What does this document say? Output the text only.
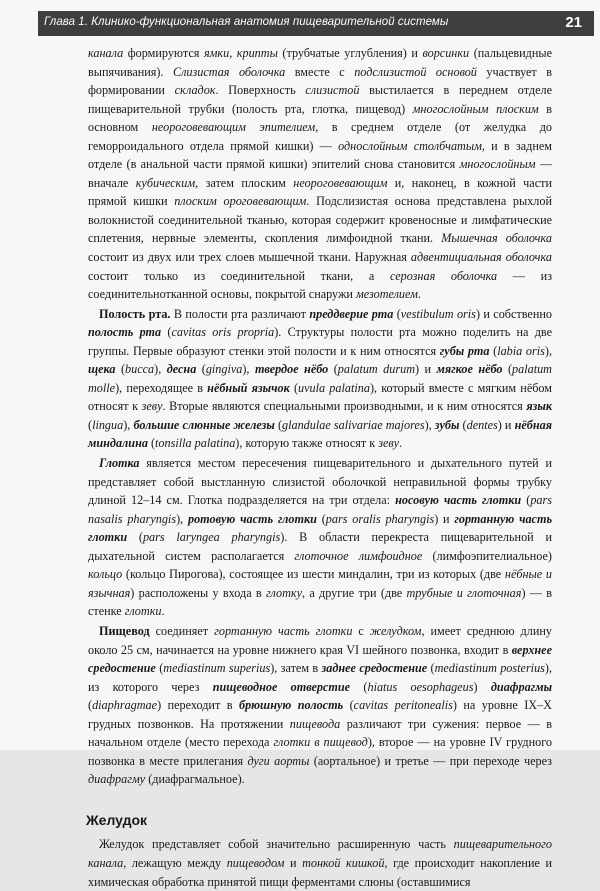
Глава 1. Клинико-функциональная анатомия пищеварительной системы	21

канала формируются ямки, крипты (трубчатые углубления) и ворсинки (пальцевидные выпячивания). Слизистая оболочка вместе с подслизистой основой участвует в формировании складок. Поверхность слизистой выстилается в переднем отделе пищеварительной трубки (полость рта, глотка, пищевод) многослойным плоским в основном неороговевающим эпителием, в среднем отделе (от желудка до геморроидального отдела прямой кишки) — однослойным столбчатым, и в заднем отделе (в анальной части прямой кишки) эпителий снова становится многослойным — вначале кубическим, затем плоским неороговевающим и, наконец, в кожной части прямой кишки плоским ороговевающим. Подслизистая основа представлена рыхлой волокнистой соединительной тканью, которая содержит кровеносные и лимфатические сплетения, нервные элементы, скопления лимфоидной ткани. Мышечная оболочка состоит из двух или трех слоев мышечной ткани. Наружная адвентициальная оболочка состоит только из соединительной ткани, а серозная оболочка — из соединительнотканной основы, покрытой снаружи мезотелием.

Полость рта. В полости рта различают преддверие рта (vestibulum oris) и собственно полость рта (cavitas oris propria). Структуры полости рта можно поделить на две группы. Первые образуют стенки этой полости и к ним относятся губы рта (labia oris), щека (bucca), десна (gingiva), твердое нёбо (palatum durum) и мягкое нёбо (palatum molle), переходящее в нёбный язычок (uvula palatina), который вместе с мягким нёбом относят к зеву. Вторые являются специальными производными, и к ним относятся язык (lingua), большие слюнные железы (glandulae salivariae majores), зубы (dentes) и нёбная миндалина (tonsilla palatina), которую также относят к зеву.

Глотка является местом пересечения пищеварительного и дыхательного путей и представляет собой выстланную слизистой оболочкой неправильной формы трубку длиной 12–14 см. Глотка подразделяется на три отдела: носовую часть глотки (pars nasalis pharyngis), ротовую часть глотки (pars oralis pharyngis) и гортанную часть глотки (pars laryngea pharyngis). В области перекреста пищеварительной и дыхательной систем располагается глоточное лимфоидное (лимфоэпителиальное) кольцо (кольцо Пирогова), состоящее из шести миндалин, три из которых (две нёбные и язычная) расположены у входа в глотку, а другие три (две трубные и глоточная) — в стенке глотки.

Пищевод соединяет гортанную часть глотки с желудком, имеет среднюю длину около 25 см, начинается на уровне нижнего края VI шейного позвонка, входит в верхнее средостение (mediastinum superius), затем в заднее средостение (mediastinum posterius), из которого через пищеводное отверстие (hiatus oesophageus) диафрагмы (diaphragmae) переходит в брюшную полость (cavitas peritonealis) на уровне IX–X грудных позвонков. На протяжении пищевода различают три сужения: первое — в начальном отделе (место перехода глотки в пищевод), второе — на уровне IV грудного позвонка в месте прилегания дуги аорты (аортальное) и третье — при переходе через диафрагму (диафрагмальное).

Желудок

Желудок представляет собой значительно расширенную часть пищеварительного канала, лежащую между пищеводом и тонкой кишкой, где происходит накопление и химическая обработка принятой пищи ферментами слюны (оставшимися
